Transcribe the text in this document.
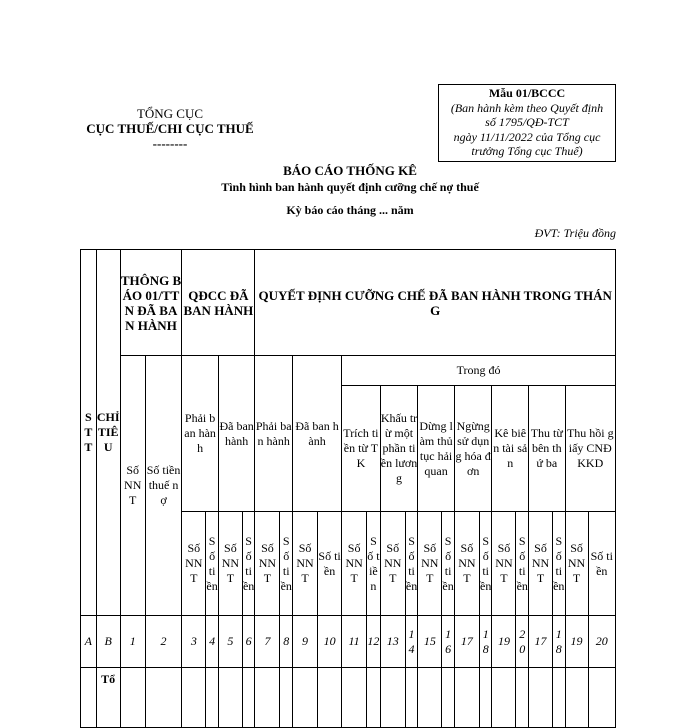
TỔNG CỤC
CỤC THUẾ/CHI CỤC THUẾ
--------
Mẫu 01/BCCC
(Ban hành kèm theo Quyết định
số 1795/QĐ-TCT
ngày 11/11/2022 của Tổng cục
trưởng Tổng cục Thuế)
BÁO CÁO THỐNG KÊ
Tình hình ban hành quyết định cưỡng chế nợ thuế
Kỳ báo cáo tháng ... năm
ĐVT: Triệu đồng
STT	CHỈ TIÊU	THÔNG BÁO 01/TTN ĐÃ BAN HÀNH		QĐCC ĐÃ BAN HÀNH				QUYẾT ĐỊNH CƯỠNG CHẾ ĐÃ BAN HÀNH TRONG THÁNG																	
		Số NNT	Số tiền thuế nợ	Phải ban hành		Đã ban hành		Phải ban hành		Đã ban hành		Trong đó													
												Trích tiền từ TK		Khấu trừ một phần tiền lương		Dừng làm thủ tục hải quan		Ngừng sử dụng hóa đơn		Kê biên tài sản		Thu từ bên thứ ba		Thu hồi giấy CNĐKKD	
				Số NNT	Số tiền	Số NNT	Số tiền	Số NNT	Số tiền	Số NNT	Số tiền	Số NNT	Số tiền	Số NNT	Số tiền	Số NNT	Số tiền	Số NNT	Số tiền	Số NNT	Số tiền	Số NNT	Số tiền	Số NNT	Số tiền
A	B	1	2	3	4	5	6	7	8	9	10	11	12	13	14	15	16	17	18	19	20	17	18	19	20
	Tổ																								
